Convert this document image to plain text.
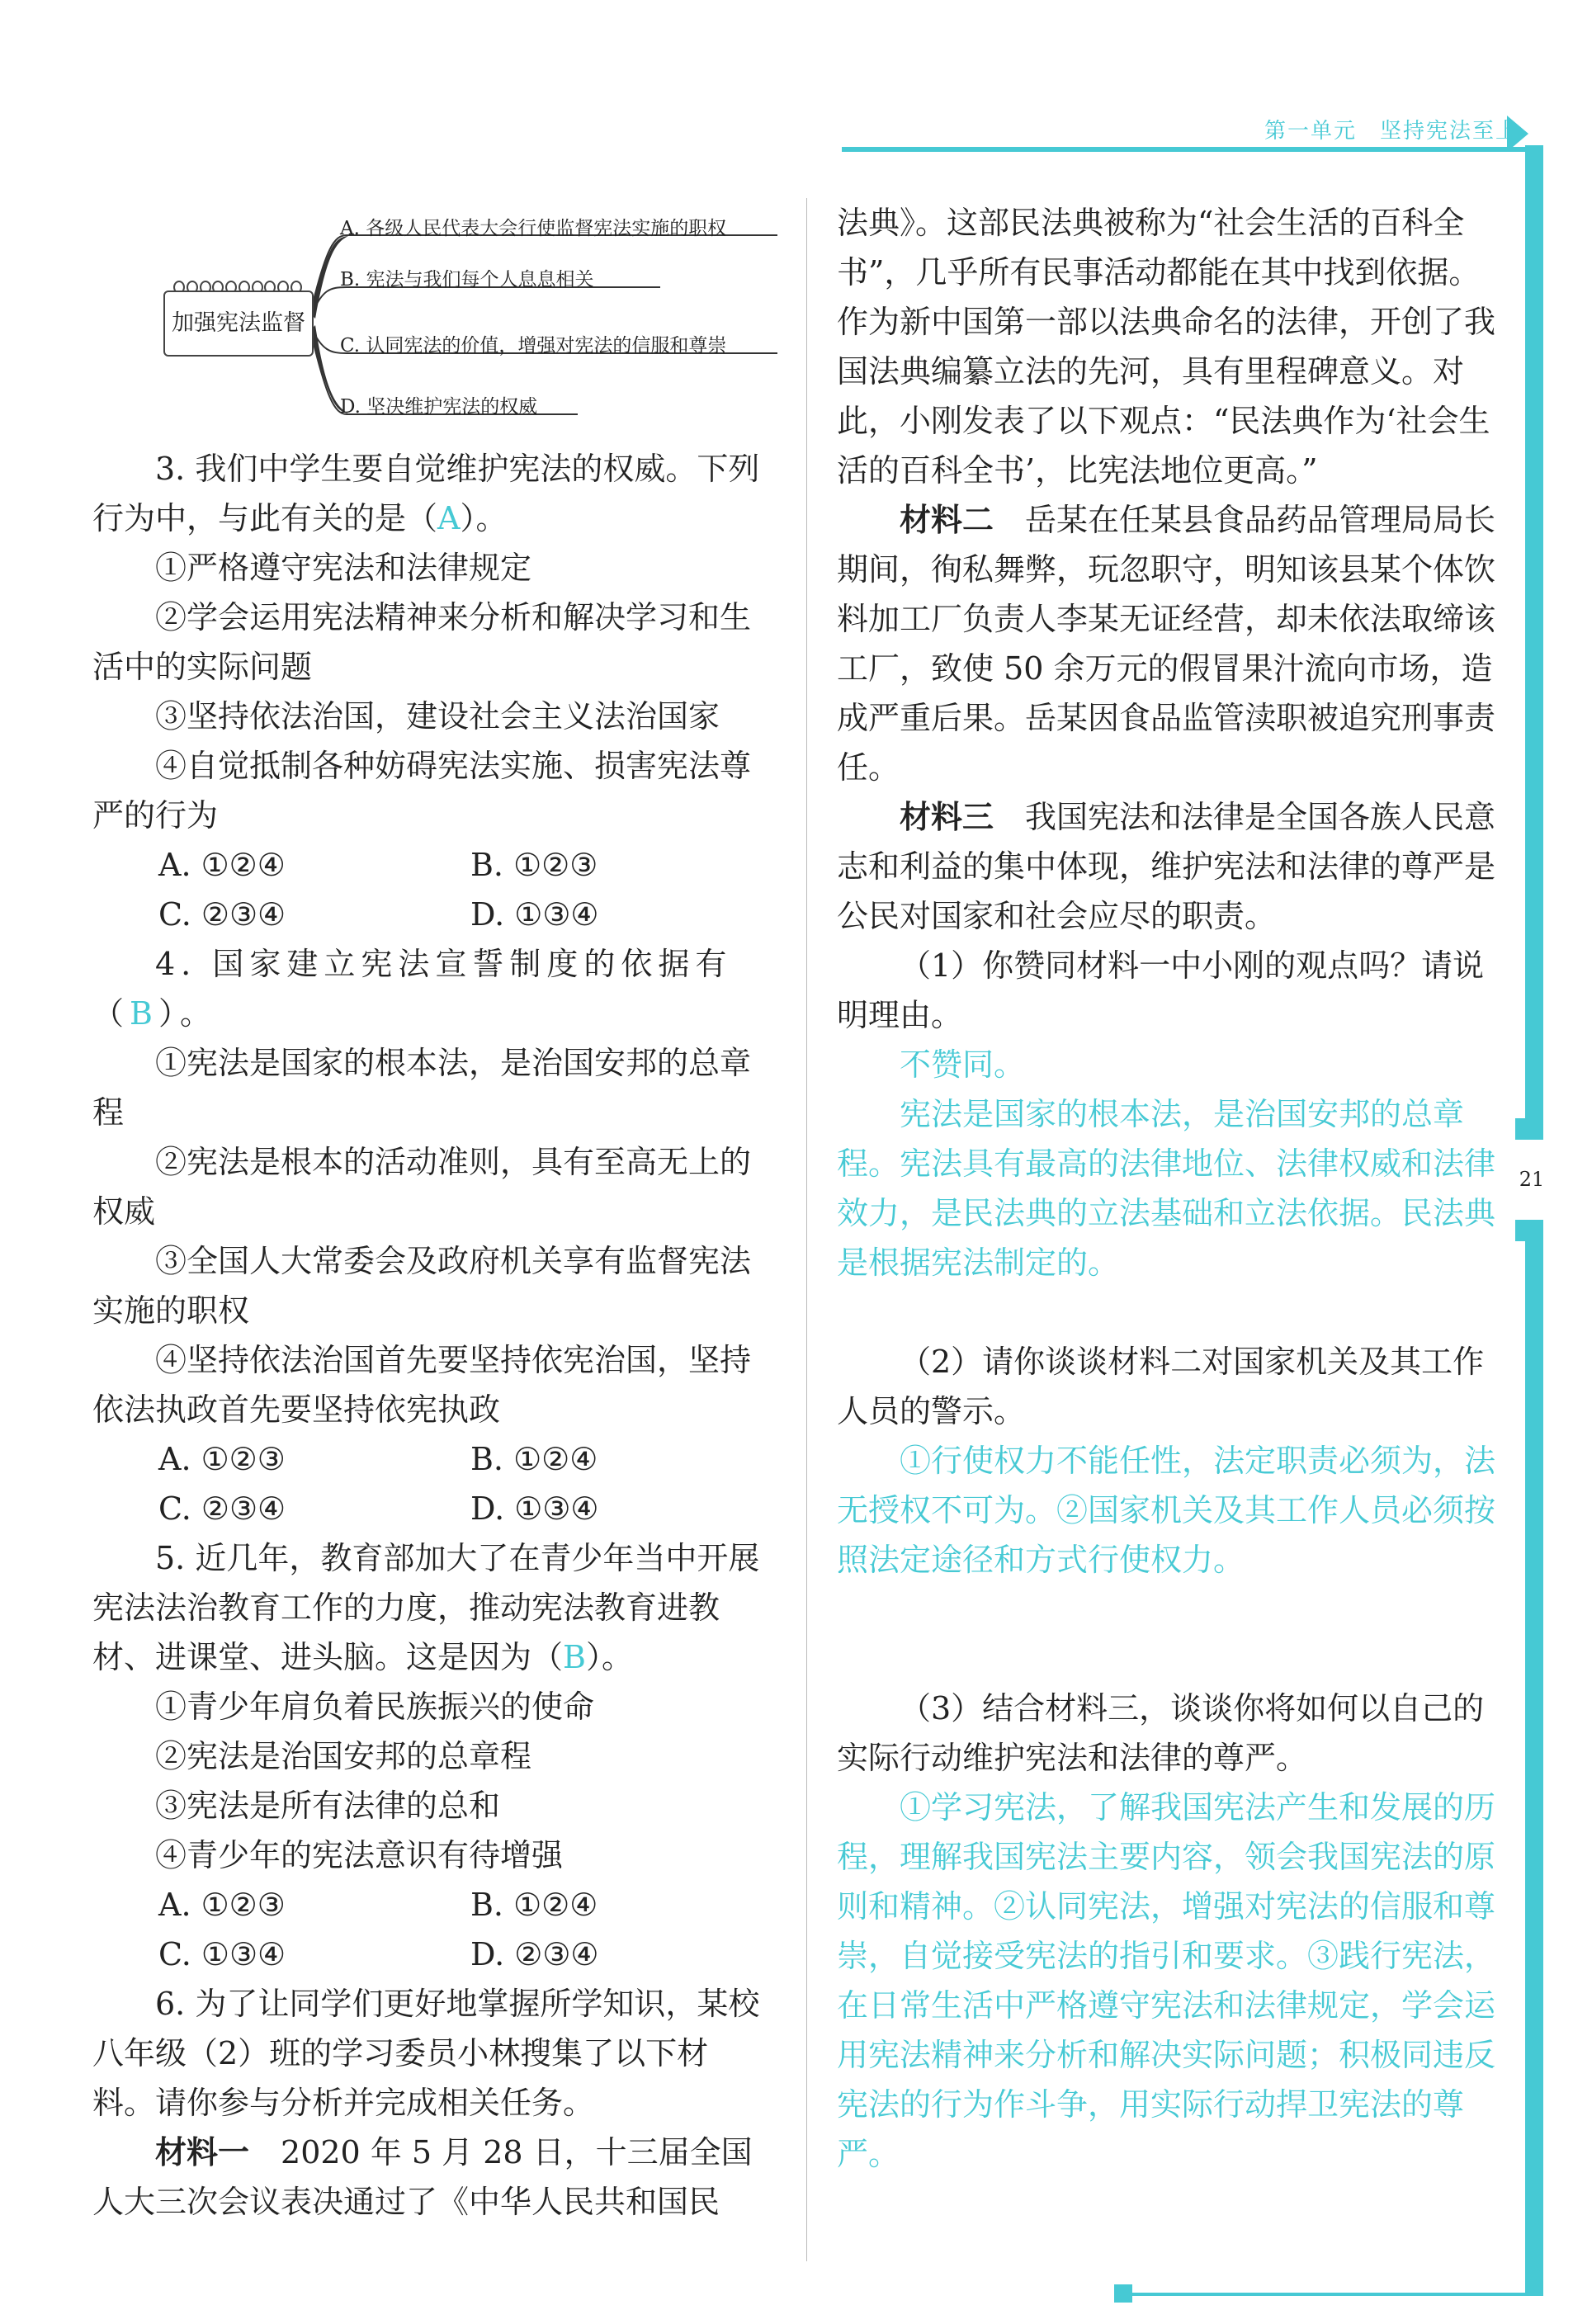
第一单元　坚持宪法至上
21
加强宪法监督
A. 各级人民代表大会行使监督宪法实施的职权
B. 宪法与我们每个人息息相关
C. 认同宪法的价值，增强对宪法的信服和尊崇
D. 坚决维护宪法的权威
3. 我们中学生要自觉维护宪法的权威。下列行为中，与此有关的是（A）。
①严格遵守宪法和法律规定
②学会运用宪法精神来分析和解决学习和生活中的实际问题
③坚持依法治国，建设社会主义法治国家
④自觉抵制各种妨碍宪法实施、损害宪法尊严的行为
A. ①②④	B. ①②③
C. ②③④	D. ①③④
4. 国家建立宪法宣誓制度的依据有（B）。
①宪法是国家的根本法，是治国安邦的总章程
②宪法是根本的活动准则，具有至高无上的权威
③全国人大常委会及政府机关享有监督宪法实施的职权
④坚持依法治国首先要坚持依宪治国，坚持依法执政首先要坚持依宪执政
A. ①②③	B. ①②④
C. ②③④	D. ①③④
5. 近几年，教育部加大了在青少年当中开展宪法法治教育工作的力度，推动宪法教育进教材、进课堂、进头脑。这是因为（B）。
①青少年肩负着民族振兴的使命
②宪法是治国安邦的总章程
③宪法是所有法律的总和
④青少年的宪法意识有待增强
A. ①②③	B. ①②④
C. ①③④	D. ②③④
6. 为了让同学们更好地掌握所学知识，某校八年级（2）班的学习委员小林搜集了以下材料。请你参与分析并完成相关任务。
材料一　 2020 年 5 月 28 日，十三届全国人大三次会议表决通过了《中华人民共和国民
法典》。这部民法典被称为“社会生活的百科全书”，几乎所有民事活动都能在其中找到依据。作为新中国第一部以法典命名的法律，开创了我国法典编纂立法的先河，具有里程碑意义。对此，小刚发表了以下观点：“民法典作为‘社会生活的百科全书’，比宪法地位更高。”
材料二　 岳某在任某县食品药品管理局局长期间，徇私舞弊，玩忽职守，明知该县某个体饮料加工厂负责人李某无证经营，却未依法取缔该工厂，致使 50 余万元的假冒果汁流向市场，造成严重后果。岳某因食品监管渎职被追究刑事责任。
材料三　 我国宪法和法律是全国各族人民意志和利益的集中体现，维护宪法和法律的尊严是公民对国家和社会应尽的职责。
（1）你赞同材料一中小刚的观点吗？请说明理由。
不赞同。
宪法是国家的根本法，是治国安邦的总章程。宪法具有最高的法律地位、法律权威和法律效力，是民法典的立法基础和立法依据。民法典是根据宪法制定的。
（2）请你谈谈材料二对国家机关及其工作人员的警示。
①行使权力不能任性，法定职责必须为，法无授权不可为。②国家机关及其工作人员必须按照法定途径和方式行使权力。
（3）结合材料三，谈谈你将如何以自己的实际行动维护宪法和法律的尊严。
①学习宪法，了解我国宪法产生和发展的历程，理解我国宪法主要内容，领会我国宪法的原则和精神。②认同宪法，增强对宪法的信服和尊崇，自觉接受宪法的指引和要求。③践行宪法，在日常生活中严格遵守宪法和法律规定，学会运用宪法精神来分析和解决实际问题；积极同违反宪法的行为作斗争，用实际行动捍卫宪法的尊严。
